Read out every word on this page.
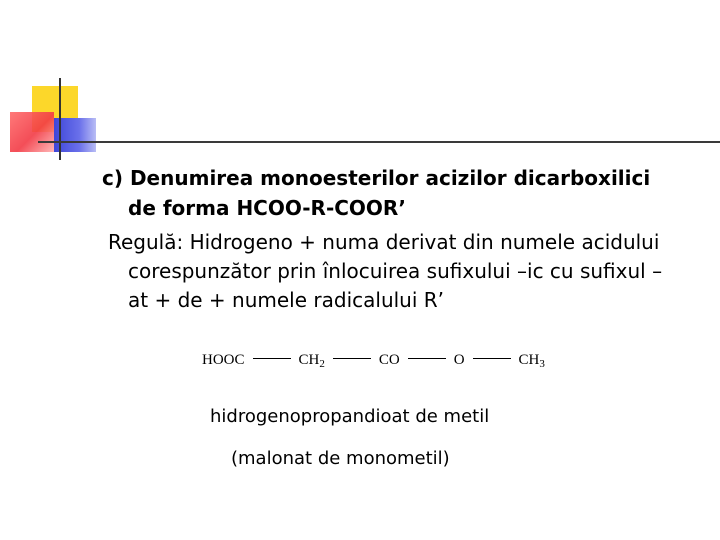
c) Denumirea monoesterilor acizilor dicarboxilici
de forma HCOO-R-COOR’
Regulă: Hidrogeno + numa derivat din numele acidului
corespunzător prin înlocuirea sufixului –ic cu sufixul –
at + de + numele radicalului R’
HOOC	$CH_2$	CO	O	$CH_3$
hidrogenopropandioat de metil
(malonat de monometil)
